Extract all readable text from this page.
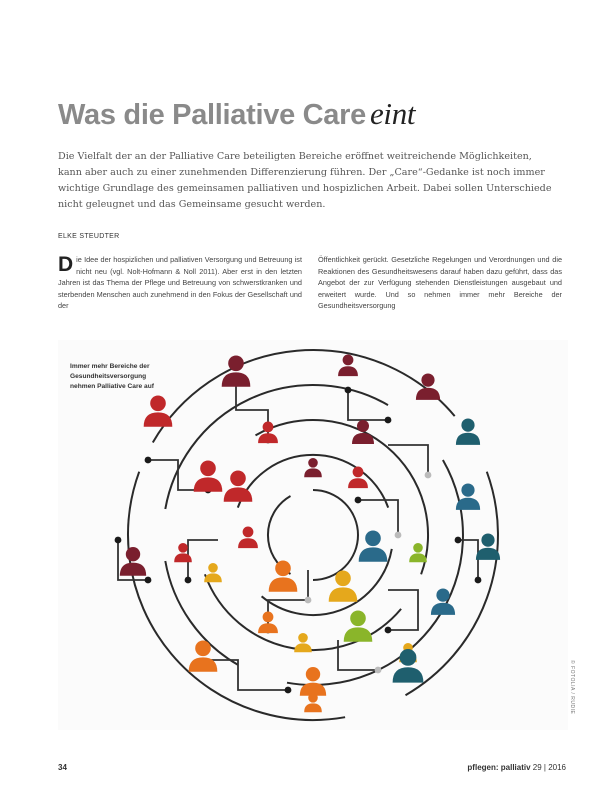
Was die Palliative Care eint
Die Vielfalt der an der Palliative Care beteiligten Bereiche eröffnet weitreichende Möglichkeiten, kann aber auch zu einer zunehmenden Differenzierung führen. Der „Care“-Gedanke ist noch immer wichtige Grundlage des gemeinsamen palliativen und hospizlichen Arbeit. Dabei sollen Unterschiede nicht geleugnet und das Gemeinsame gesucht werden.
ELKE STEUDTER
Die Idee der hospizlichen und palliativen Versorgung und Betreuung ist nicht neu (vgl. Nolt-Hofmann & Noll 2011). Aber erst in den letzten Jahren ist das Thema der Pflege und Betreuung von schwerstkranken und sterbenden Menschen auch zunehmend in den Fokus der Gesellschaft und der
Öffentlichkeit gerückt. Gesetzliche Regelungen und Verordnungen und die Reaktionen des Gesundheitswesens darauf haben dazu geführt, dass das Angebot der zur Verfügung stehenden Dienstleistungen ausgebaut und erweitert wurde. Und so nehmen immer mehr Bereiche der Gesundheitsversorgung
Immer mehr Bereiche der Gesundheitsversorgung nehmen Palliative Care auf
© FOTOLIA / RUDIE
34	pflegen: palliativ 29 | 2016
